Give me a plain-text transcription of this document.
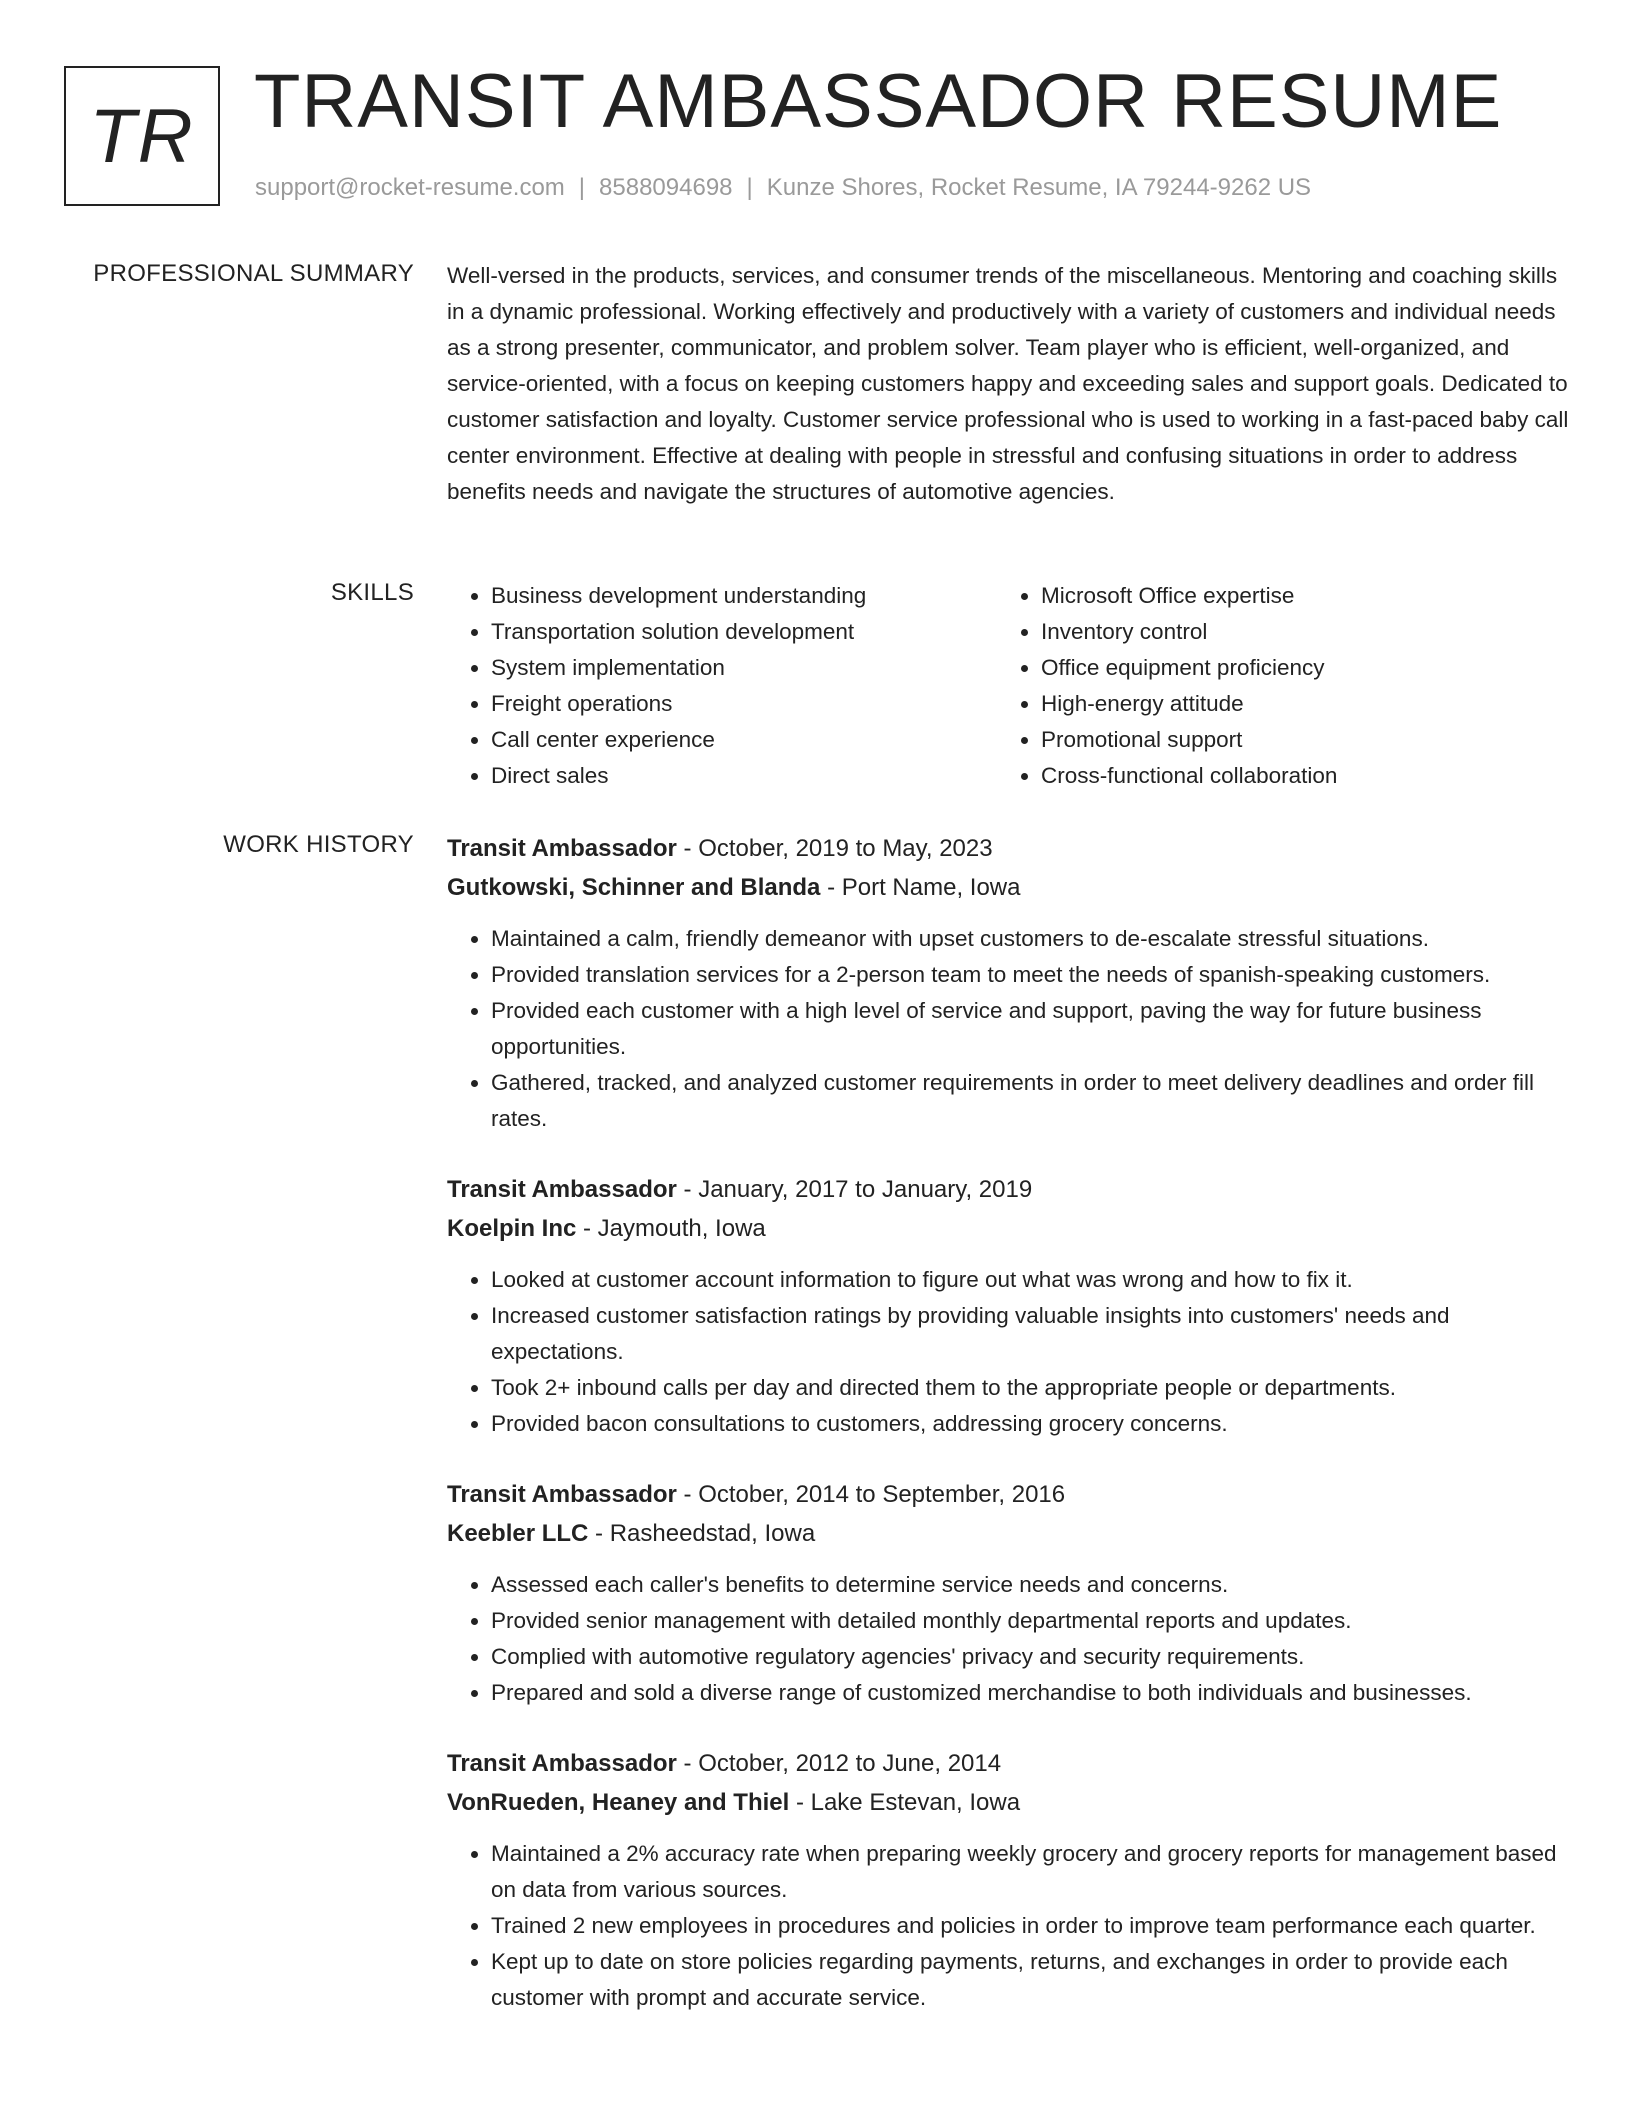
TR TRANSIT AMBASSADOR RESUME
support@rocket-resume.com | 8588094698 | Kunze Shores, Rocket Resume, IA 79244-9262 US
PROFESSIONAL SUMMARY Well-versed in the products, services, and consumer trends of the miscellaneous. Mentoring and coaching skills in a dynamic professional. Working effectively and productively with a variety of customers and individual needs as a strong presenter, communicator, and problem solver. Team player who is efficient, well-organized, and service-oriented, with a focus on keeping customers happy and exceeding sales and support goals. Dedicated to customer satisfaction and loyalty. Customer service professional who is used to working in a fast-paced baby call center environment. Effective at dealing with people in stressful and confusing situations in order to address benefits needs and navigate the structures of automotive agencies.

SKILLS
•	Business development understanding
• Transportation solution development
• System implementation
• Freight operations
• Call center experience
• Direct sales
• Microsoft Office expertise
• Inventory control
• Office equipment proficiency
• High-energy attitude
• Promotional support
• Cross-functional collaboration
WORK HISTORY Transit Ambassador - October, 2019 to May, 2023
Gutkowski, Schinner and Blanda - Port Name, Iowa
• Maintained a calm, friendly demeanor with upset customers to de-escalate stressful situations.
• Provided translation services for a 2-person team to meet the needs of spanish-speaking customers.
• Provided each customer with a high level of service and support, paving the way for future business opportunities.
• Gathered, tracked, and analyzed customer requirements in order to meet delivery deadlines and order fill rates.
Transit Ambassador - January, 2017 to January, 2019
Koelpin Inc - Jaymouth, Iowa
• Looked at customer account information to figure out what was wrong and how to fix it.
• Increased customer satisfaction ratings by providing valuable insights into customers' needs and expectations.
• Took 2+ inbound calls per day and directed them to the appropriate people or departments.
• Provided bacon consultations to customers, addressing grocery concerns.
Transit Ambassador - October, 2014 to September, 2016
Keebler LLC - Rasheedstad, Iowa
• Assessed each caller's benefits to determine service needs and concerns.
• Provided senior management with detailed monthly departmental reports and updates.
• Complied with automotive regulatory agencies' privacy and security requirements.
• Prepared and sold a diverse range of customized merchandise to both individuals and businesses.
Transit Ambassador - October, 2012 to June, 2014
VonRueden, Heaney and Thiel - Lake Estevan, Iowa
• Maintained a 2% accuracy rate when preparing weekly grocery and grocery reports for management based on data from various sources.
• Trained 2 new employees in procedures and policies in order to improve team performance each quarter.
• Kept up to date on store policies regarding payments, returns, and exchanges in order to provide each customer with prompt and accurate service.
